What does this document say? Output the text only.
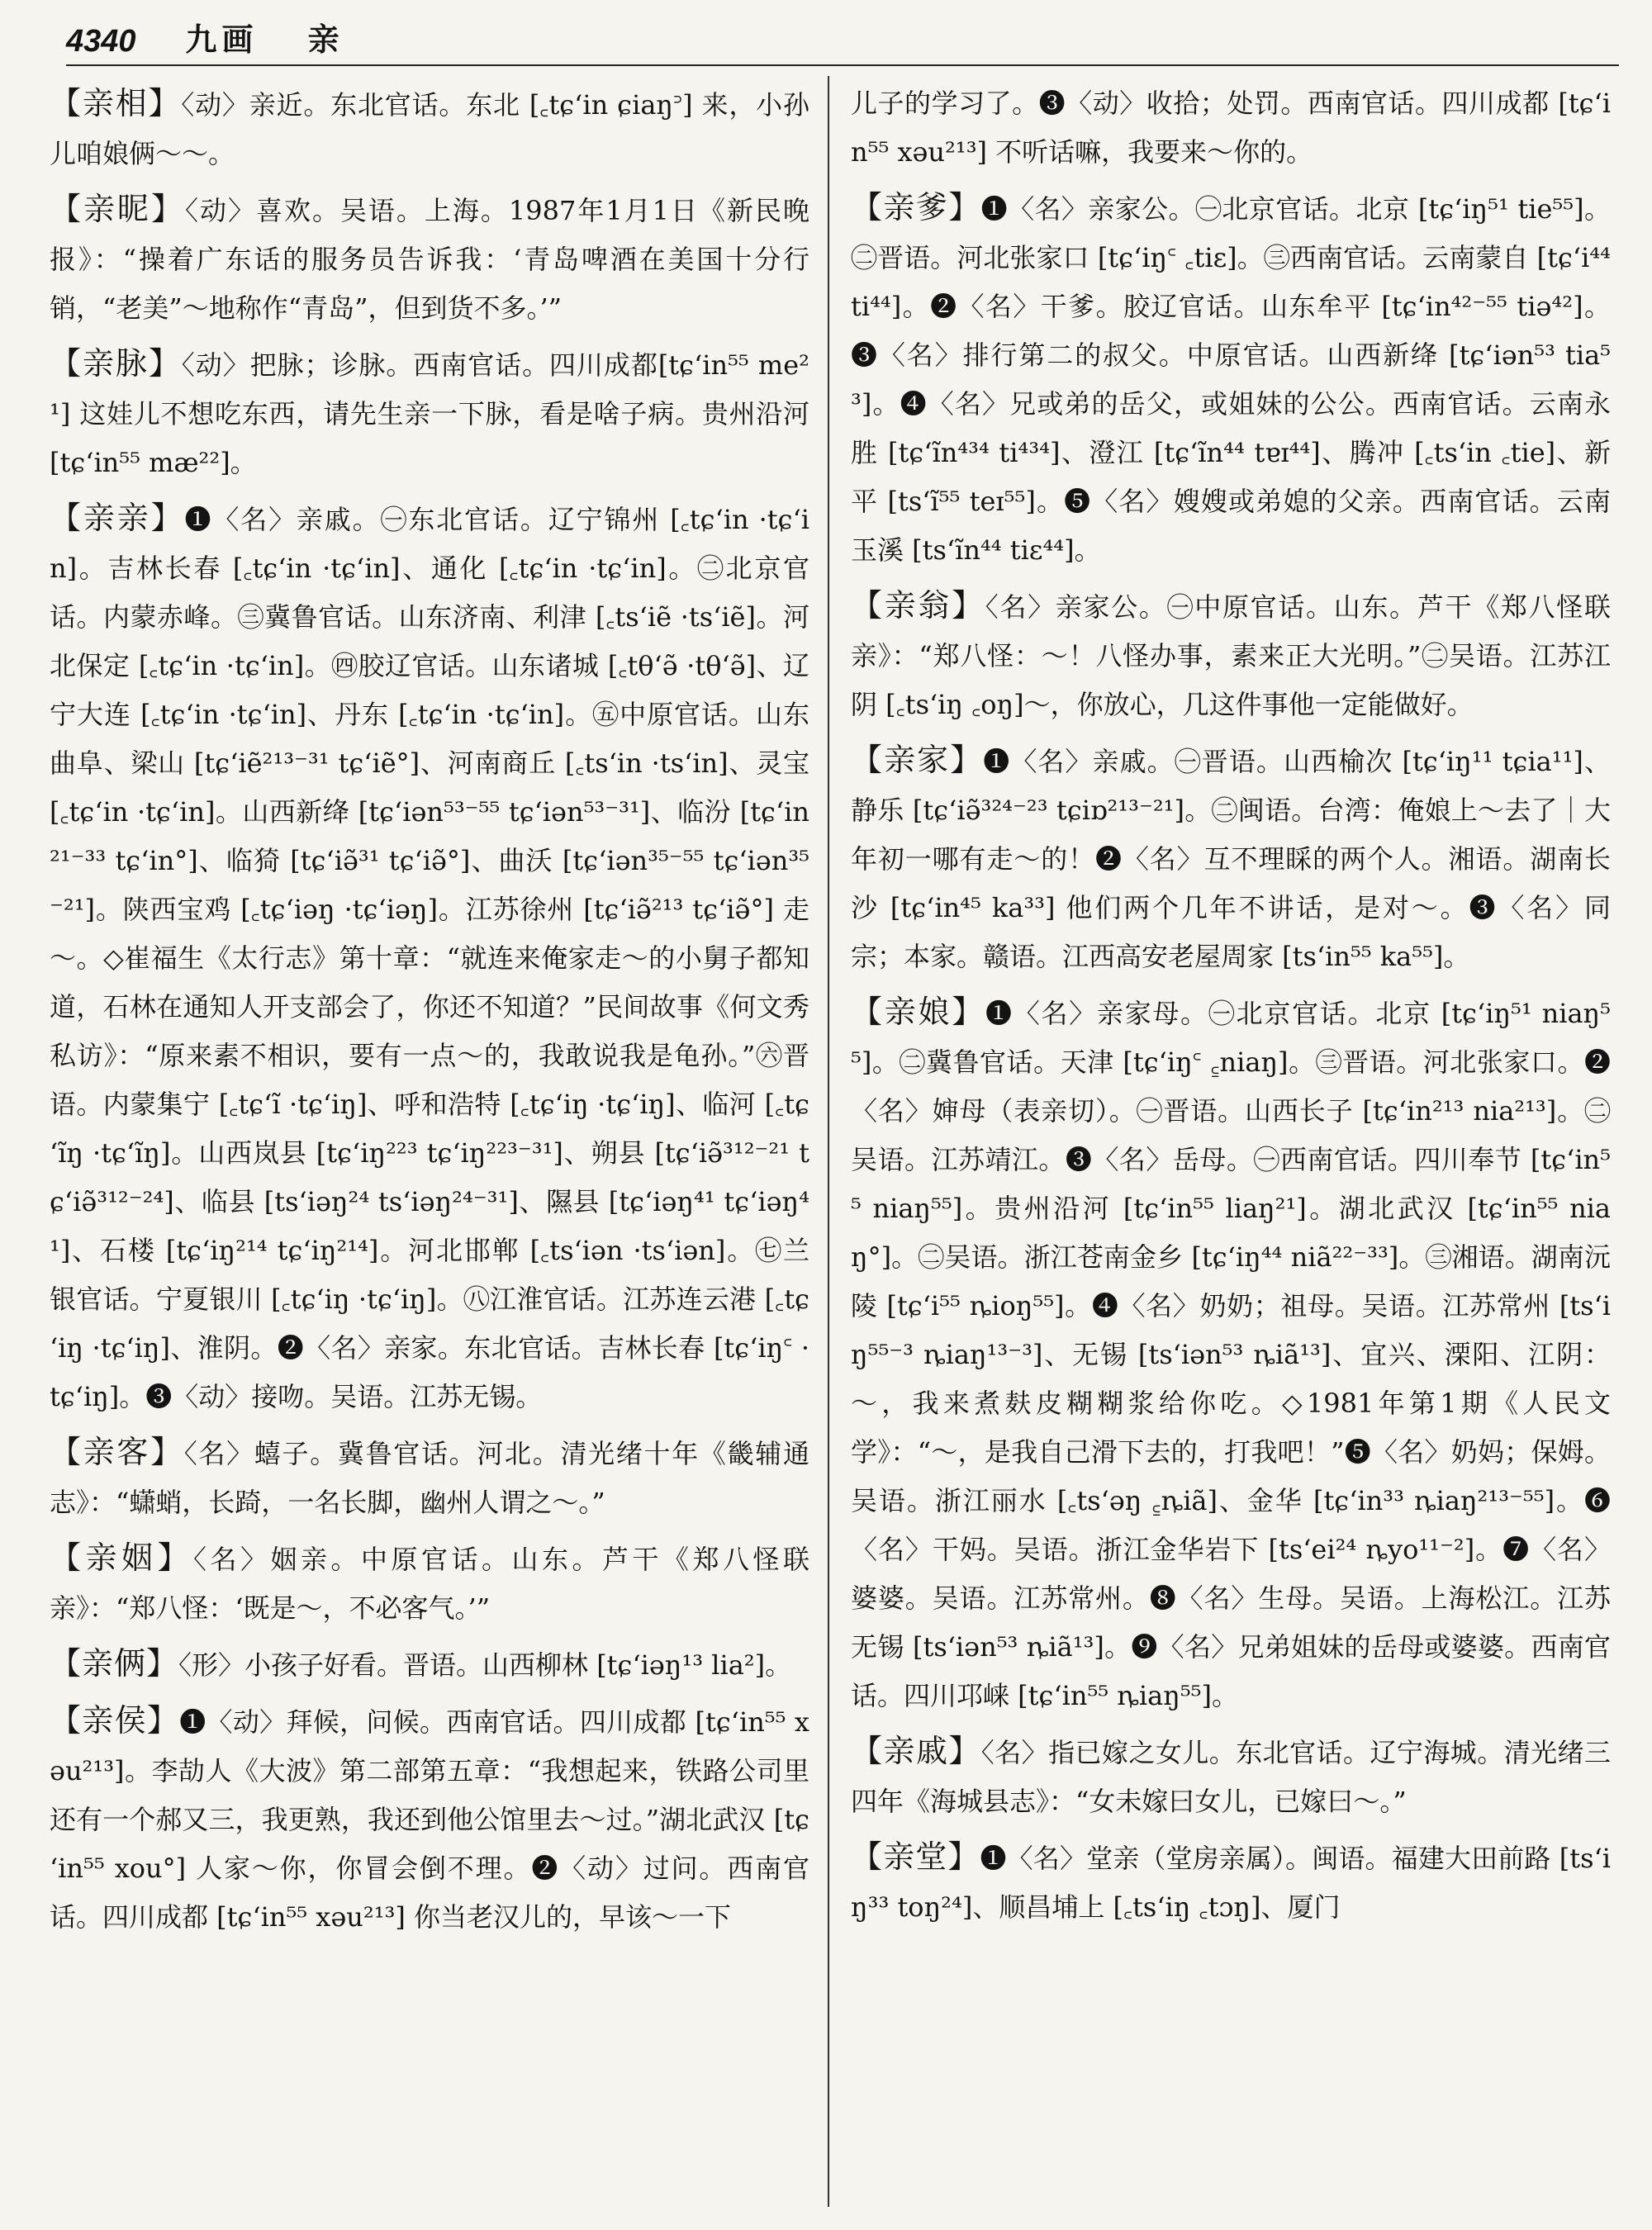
4340 九画 亲

【亲相】〈动〉亲近。东北官话。东北 [꜀tɕʻin ɕiaŋ꜄] 来，小孙儿咱娘俩～～。

【亲昵】〈动〉喜欢。吴语。上海。1987年1月1日《新民晚报》：“操着广东话的服务员告诉我：‘青岛啤酒在美国十分行销，“老美”～地称作“青岛”，但到货不多。’”

【亲脉】〈动〉把脉；诊脉。西南官话。四川成都[tɕʻin⁵⁵ me²¹] 这娃儿不想吃东西，请先生亲一下脉，看是啥子病。贵州沿河 [tɕʻin⁵⁵ mæ²²]。

【亲亲】❶〈名〉亲戚。㊀东北官话。辽宁锦州 [꜀tɕʻin ·tɕʻin]。吉林长春 [꜀tɕʻin ·tɕʻin]、通化 [꜀tɕʻin ·tɕʻin]。㊁北京官话。内蒙赤峰。㊂冀鲁官话。山东济南、利津 [꜀tsʻiẽ ·tsʻiẽ]。河北保定 [꜀tɕʻin ·tɕʻin]。㊃胶辽官话。山东诸城 [꜀tθʻə̃ ·tθʻə̃]、辽宁大连 [꜀tɕʻin ·tɕʻin]、丹东 [꜀tɕʻin ·tɕʻin]。㊄中原官话。山东曲阜、梁山 [tɕʻiẽ²¹³⁻³¹ tɕʻiẽ°]、河南商丘 [꜀tsʻin ·tsʻin]、灵宝 [꜀tɕʻin ·tɕʻin]。山西新绛 [tɕʻiən⁵³⁻⁵⁵ tɕʻiən⁵³⁻³¹]、临汾 [tɕʻin²¹⁻³³ tɕʻin°]、临猗 [tɕʻiə̃³¹ tɕʻiə̃°]、曲沃 [tɕʻiən³⁵⁻⁵⁵ tɕʻiən³⁵⁻²¹]。陕西宝鸡 [꜀tɕʻiəŋ ·tɕʻiəŋ]。江苏徐州 [tɕʻiə̃²¹³ tɕʻiə̃°] 走～。◇崔福生《太行志》第十章：“就连来俺家走～的小舅子都知道，石林在通知人开支部会了，你还不知道？”民间故事《何文秀私访》：“原来素不相识，要有一点～的，我敢说我是龟孙。”㊅晋语。内蒙集宁 [꜀tɕʻĩ ·tɕʻiŋ]、呼和浩特 [꜀tɕʻiŋ ·tɕʻiŋ]、临河 [꜀tɕʻĩŋ ·tɕʻĩŋ]。山西岚县 [tɕʻiŋ²²³ tɕʻiŋ²²³⁻³¹]、朔县 [tɕʻiə̃³¹²⁻²¹ tɕʻiə̃³¹²⁻²⁴]、临县 [tsʻiəŋ²⁴ tsʻiəŋ²⁴⁻³¹]、隰县 [tɕʻiəŋ⁴¹ tɕʻiəŋ⁴¹]、石楼 [tɕʻiŋ²¹⁴ tɕʻiŋ²¹⁴]。河北邯郸 [꜀tsʻiən ·tsʻiən]。㊆兰银官话。宁夏银川 [꜀tɕʻiŋ ·tɕʻiŋ]。㊇江淮官话。江苏连云港 [꜀tɕʻiŋ ·tɕʻiŋ]、淮阴。❷〈名〉亲家。东北官话。吉林长春 [tɕʻiŋ꜂ ·tɕʻiŋ]。❸〈动〉接吻。吴语。江苏无锡。

【亲客】〈名〉蟢子。冀鲁官话。河北。清光绪十年《畿辅通志》：“蟏蛸，长踦，一名长脚，幽州人谓之～。”

【亲姻】〈名〉姻亲。中原官话。山东。芦干《郑八怪联亲》：“郑八怪：‘既是～，不必客气。’”

【亲俩】〈形〉小孩子好看。晋语。山西柳林 [tɕʻiəŋ¹³ lia²]。

【亲侯】❶〈动〉拜候，问候。西南官话。四川成都 [tɕʻin⁵⁵ xəu²¹³]。李劼人《大波》第二部第五章：“我想起来，铁路公司里还有一个郝又三，我更熟，我还到他公馆里去～过。”湖北武汉 [tɕʻin⁵⁵ xou°] 人家～你，你冒会倒不理。❷〈动〉过问。西南官话。四川成都 [tɕʻin⁵⁵ xəu²¹³] 你当老汉儿的，早该～一下

儿子的学习了。❸〈动〉收拾；处罚。西南官话。四川成都 [tɕʻin⁵⁵ xəu²¹³] 不听话嘛，我要来～你的。

【亲爹】❶〈名〉亲家公。㊀北京官话。北京 [tɕʻiŋ⁵¹ tie⁵⁵]。㊁晋语。河北张家口 [tɕʻiŋ꜂ ꜀tiɛ]。㊂西南官话。云南蒙自 [tɕʻi⁴⁴ ti⁴⁴]。❷〈名〉干爹。胶辽官话。山东牟平 [tɕʻin⁴²⁻⁵⁵ tiə⁴²]。❸〈名〉排行第二的叔父。中原官话。山西新绛 [tɕʻiən⁵³ tia⁵³]。❹〈名〉兄或弟的岳父，或姐妹的公公。西南官话。云南永胜 [tɕʻĩn⁴³⁴ ti⁴³⁴]、澄江 [tɕʻĩn⁴⁴ tɐɪ⁴⁴]、腾冲 [꜀tsʻin ꜀tie]、新平 [tsʻĩ⁵⁵ teɪ⁵⁵]。❺〈名〉嫂嫂或弟媳的父亲。西南官话。云南玉溪 [tsʻĩn⁴⁴ tiɛ⁴⁴]。

【亲翁】〈名〉亲家公。㊀中原官话。山东。芦干《郑八怪联亲》：“郑八怪：～！八怪办事，素来正大光明。”㊁吴语。江苏江阴 [꜀tsʻiŋ ꜀oŋ]～，你放心，几这件事他一定能做好。

【亲家】❶〈名〉亲戚。㊀晋语。山西榆次 [tɕʻiŋ¹¹ tɕia¹¹]、静乐 [tɕʻiə̃³²⁴⁻²³ tɕiɒ²¹³⁻²¹]。㊁闽语。台湾：俺娘上～去了｜大年初一哪有走～的！❷〈名〉互不理睬的两个人。湘语。湖南长沙 [tɕʻin⁴⁵ ka³³] 他们两个几年不讲话，是对～。❸〈名〉同宗；本家。赣语。江西高安老屋周家 [tsʻin⁵⁵ ka⁵⁵]。

【亲娘】❶〈名〉亲家母。㊀北京官话。北京 [tɕʻiŋ⁵¹ niaŋ⁵⁵]。㊁冀鲁官话。天津 [tɕʻiŋ꜂ ꜁niaŋ]。㊂晋语。河北张家口。❷〈名〉婶母（表亲切）。㊀晋语。山西长子 [tɕʻin²¹³ nia²¹³]。㊁吴语。江苏靖江。❸〈名〉岳母。㊀西南官话。四川奉节 [tɕʻin⁵⁵ niaŋ⁵⁵]。贵州沿河 [tɕʻin⁵⁵ liaŋ²¹]。湖北武汉 [tɕʻin⁵⁵ niaŋ°]。㊁吴语。浙江苍南金乡 [tɕʻiŋ⁴⁴ niã²²⁻³³]。㊂湘语。湖南沅陵 [tɕʻi⁵⁵ ȵioŋ⁵⁵]。❹〈名〉奶奶；祖母。吴语。江苏常州 [tsʻiŋ⁵⁵⁻³ ȵiaŋ¹³⁻³]、无锡 [tsʻiən⁵³ ȵiã¹³]、宜兴、溧阳、江阴：～，我来煮麸皮糊糊浆给你吃。◇1981年第1期《人民文学》：“～，是我自己滑下去的，打我吧！”❺〈名〉奶妈；保姆。吴语。浙江丽水 [꜀tsʻəŋ ꜁ȵiã]、金华 [tɕʻin³³ ȵiaŋ²¹³⁻⁵⁵]。❻〈名〉干妈。吴语。浙江金华岩下 [tsʻei²⁴ ȵyo¹¹⁻²]。❼〈名〉婆婆。吴语。江苏常州。❽〈名〉生母。吴语。上海松江。江苏无锡 [tsʻiən⁵³ ȵiã¹³]。❾〈名〉兄弟姐妹的岳母或婆婆。西南官话。四川邛崃 [tɕʻin⁵⁵ ȵiaŋ⁵⁵]。

【亲戚】〈名〉指已嫁之女儿。东北官话。辽宁海城。清光绪三四年《海城县志》：“女未嫁曰女儿，已嫁曰～。”

【亲堂】❶〈名〉堂亲（堂房亲属）。闽语。福建大田前路 [tsʻiŋ³³ toŋ²⁴]、顺昌埔上 [꜀tsʻiŋ ꜀tɔŋ]、厦门
